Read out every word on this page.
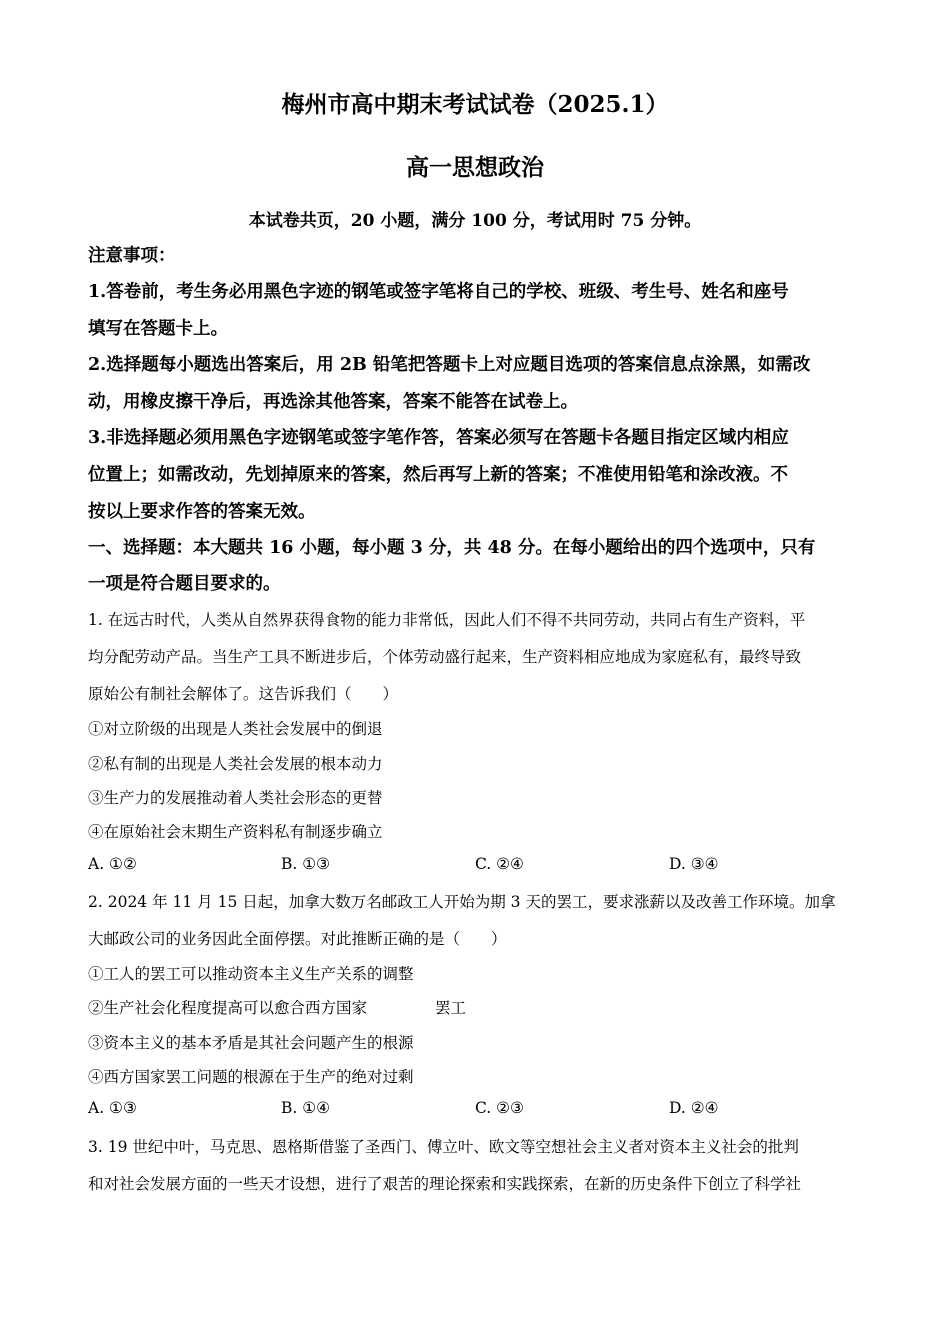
梅州市高中期末考试试卷（2025.1）
高一思想政治
本试卷共页，20 小题，满分 100 分，考试用时 75 分钟。
注意事项：
1.答卷前，考生务必用黑色字迹的钢笔或签字笔将自己的学校、班级、考生号、姓名和座号
填写在答题卡上。
2.选择题每小题选出答案后，用 2B 铅笔把答题卡上对应题目选项的答案信息点涂黑，如需改
动，用橡皮擦干净后，再选涂其他答案，答案不能答在试卷上。
3.非选择题必须用黑色字迹钢笔或签字笔作答，答案必须写在答题卡各题目指定区域内相应
位置上；如需改动，先划掉原来的答案，然后再写上新的答案；不准使用铅笔和涂改液。不
按以上要求作答的答案无效。
一、选择题：本大题共 16 小题，每小题 3 分，共 48 分。在每小题给出的四个选项中，只有
一项是符合题目要求的。
1. 在远古时代，人类从自然界获得食物的能力非常低，因此人们不得不共同劳动，共同占有生产资料，平
均分配劳动产品。当生产工具不断进步后，个体劳动盛行起来，生产资料相应地成为家庭私有，最终导致
原始公有制社会解体了。这告诉我们（　　）
①对立阶级的出现是人类社会发展中的倒退
②私有制的出现是人类社会发展的根本动力
③生产力的发展推动着人类社会形态的更替
④在原始社会末期生产资料私有制逐步确立
A. ①②	B. ①③	C. ②④	D. ③④
2. 2024 年 11 月 15 日起，加拿大数万名邮政工人开始为期 3 天的罢工，要求涨薪以及改善工作环境。加拿
大邮政公司的业务因此全面停摆。对此推断正确的是（　　）
①工人的罢工可以推动资本主义生产关系的调整
②生产社会化程度提高可以愈合西方国家	罢工
③资本主义的基本矛盾是其社会问题产生的根源
④西方国家罢工问题的根源在于生产的绝对过剩
A. ①③	B. ①④	C. ②③	D. ②④
3. 19 世纪中叶，马克思、恩格斯借鉴了圣西门、傅立叶、欧文等空想社会主义者对资本主义社会的批判
和对社会发展方面的一些天才设想，进行了艰苦的理论探索和实践探索，在新的历史条件下创立了科学社
